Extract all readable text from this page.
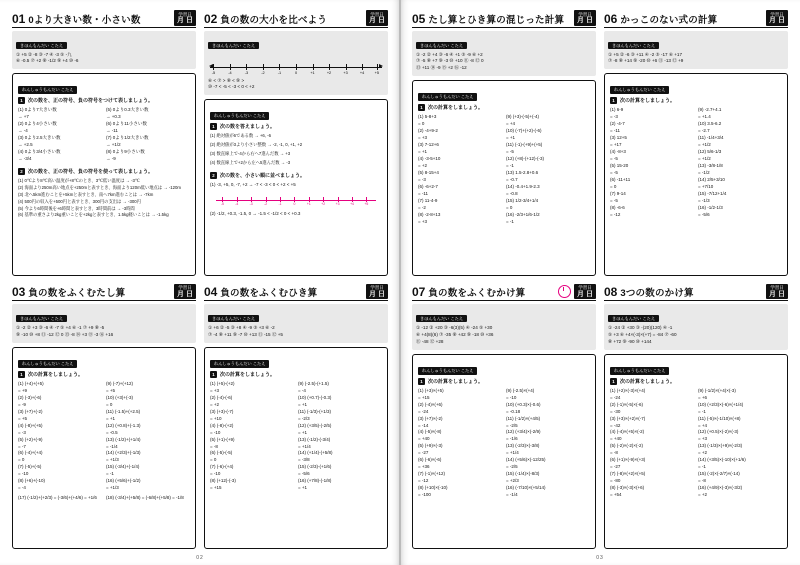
01 0より大きい数・小さい数
学習日
月 日
きほんもんだい こたえ
① +5 ② -8 ③ -7 ④ -3 ⑤ -九
⑥ -0.5 ⑦ +2 ⑧ -1/2 ⑨ +4 ⑩ -6
れんしゅうもんだい こたえ
1	次の数を、正の符号、負の符号をつけて表しましょう。
(1) 0より7大きい数
→ +7
(2) 0より4小さい数
→ -4
(3) 0より2.5大きい数
→ +2.5
(4) 0より3/4小さい数
→ -3/4
(5) 0より0.3大きい数
→ +0.3
(6) 0より11小さい数
→ -11
(7) 0より1/2大きい数
→ +1/2
(8) 0より9小さい数
→ -9
2	次の数を、正の符号、負の符号を使って表しましょう。
(1) 0℃より8℃高い温度が+8℃のとき、3℃低い温度は → -3℃
(2) 海面より250m高い地点を+250mと表すとき、海面より120m低い地点は → -120m
(3) 北へ5km進むことを+5kmと表すとき、南へ7km進むことは → -7km
(4) 500円の収入を+500円と表すとき、300円の支出は → -300円
(5) 今より6時間後を+6時間と表すとき、3時間前は → -3時間
(6) 基準の重さより2kg重いことを+2kgと表すとき、1.5kg軽いことは → -1.5kg
02 負の数の大小を比べよう
学習日
月 日
きほんもんだい こたえ
-5	-4	-3	-2	-1	0	+1	+2	+3	+4	+5
⑥ < ⑦ > ⑧ < ⑨ >
⑩ -7 < -5 < -3 < 0 < +2
れんしゅうもんだい こたえ
1	次の数を答えましょう。
(1) 絶対値が6である数 → +6, -6
(2) 絶対値が3より小さい整数 → -2, -1, 0, +1, +2
(3) 数直線上で-4から右へ7進んだ数 → +3
(4) 数直線上で+2から左へ5進んだ数 → -3
2	次の数を、小さい順に並べましょう。
(1) -3, +5, 0, -7, +2 → -7 < -3 < 0 < +2 < +5
-5	-4	-3	-2	-1	0	+1	+2	+3	+4	+5
(2) -1/2, +0.3, -1.5, 0 → -1.5 < -1/2 < 0 < +0.3
03 負の数をふくむたし算
学習日
月 日
きほんもんだい こたえ
① -2 ② +3 ③ -6 ④ -7 ⑤ +4 ⑥ -1 ⑦ +9 ⑧ -5
⑨ -10 ⑩ +8 ⑪ -12 ⑫ 0 ⑬ -8 ⑭ +3 ⑮ -3 ⑯ +16
れんしゅうもんだい こたえ
1	次の計算をしましょう。
(1) (+4)+(+5)
= +9
(2) (-3)+(-6)
= -9
(3) (+7)+(-2)
= +5
(4) (-8)+(+5)
= -3
(5) (+2)+(-9)
= -7
(6) (-4)+(+4)
= 0
(7) (-5)+(-5)
= -10
(8) (+6)+(-10)
= -4
(9) (-7)+(+12)
= +5
(10) (+3)+(-3)
= 0
(11) (-1.5)+(+2.5)
= +1
(12) (+0.8)+(-1.3)
= -0.5
(13) (-1/2)+(+1/4)
= -1/4
(14) (+2/3)+(-1/3)
= +1/3
(15) (-3/4)+(-1/4)
= -1
(16) (+5/6)+(-1/2)
= +1/3
(17) (-1/2)+(+2/3) = (-3/6)+(+4/6) = +1/6	(18) (-3/4)+(+5/8) = (-6/8)+(+5/8) = -1/8
04 負の数をふくむひき算
学習日
月 日
きほんもんだい こたえ
① +6 ② -5 ③ +8 ④ -9 ⑤ +3 ⑥ -2
⑦ -4 ⑧ +11 ⑨ -7 ⑩ +13 ⑪ -15 ⑫ +5
れんしゅうもんだい こたえ
1	次の計算をしましょう。
(1) (+5)-(+2)
= +3
(2) (-4)-(-6)
= +2
(3) (+3)-(-7)
= +10
(4) (-8)-(+2)
= -10
(5) (+1)-(+9)
= -8
(6) (-5)-(-5)
= 0
(7) (-6)-(+4)
= -10
(8) (+12)-(-3)
= +15
(9) (-2.5)-(+1.5)
= -4
(10) (+0.7)-(-0.3)
= +1
(11) (-1/3)-(+1/3)
= -2/3
(12) (+3/5)-(-2/5)
= +1
(13) (-1/2)-(-3/4)
= +1/4
(14) (+1/4)-(+5/8)
= -3/8
(15) (-2/3)-(+1/6)
= -5/6
(16) (+7/8)-(-1/8)
= +1
02
05 たし算とひき算の混じった計算
学習日
月 日
きほんもんだい こたえ
① -2 ② +4 ③ -6 ④ +1 ⑤ -9 ⑥ +2
⑦ -5 ⑧ +7 ⑨ -3 ⑩ +10 ⑪ -8 ⑫ 0
⑬ +11 ⑭ -9 ⑮ +2 ⑯ -12
れんしゅうもんだい こたえ
1	次の計算をしましょう。
(1) 5-8+3
= 0
(2) -4+9-2
= +3
(3) 7-12+6
= +1
(4) -3-5+10
= +2
(5) 8-15+4
= -3
(6) -6+2-7
= -11
(7) 11-4-9
= -2
(8) -2-8+13
= +3
(9) (+3)-(-5)+(-4)
= +4
(10) (-7)+(+2)-(-6)
= +1
(11) (-1)-(+9)+(+5)
= -5
(12) (+8)-(+12)-(-3)
= -1
(13) 1.5-2.8+0.6
= -0.7
(14) -0.4+1.9-2.3
= -0.8
(15) 1/2-3/4+1/4
= 0
(16) -2/3+1/6-1/2
= -1
06 かっこのない式の計算
学習日
月 日
きほんもんだい こたえ
① +5 ② -6 ③ +11 ④ -2 ⑤ -17 ⑥ +17
⑦ -8 ⑧ +14 ⑨ -20 ⑩ +6 ⑪ -13 ⑫ +9
れんしゅうもんだい こたえ
1	次の計算をしましょう。
(1) 6-9
= -3
(2) -4-7
= -11
(3) 12+5
= +17
(4) -8+3
= -5
(5) 15-20
= -5
(6) -11+11
= 0
(7) 9-14
= -5
(8) -6-6
= -12
(9) -2.7+4.1
= +1.4
(10) 3.5-6.2
= -2.7
(11) -1/4+3/4
= +1/2
(12) 5/6-1/3
= +1/2
(13) -3/8-1/8
= -1/2
(14) 2/5+3/10
= +7/10
(15) -7/12+1/4
= -1/3
(16) -1/2-1/3
= -5/6
07 負の数をふくむかけ算
学習日
月 日
きほんもんだい こたえ
① -12 ② +20 ③ -6(3)(5) ④ -24 ⑤ +30
⑥ +4(8)(6) ⑦ -35 ⑧ +42 ⑨ -18 ⑩ +36
⑪ -48 ⑫ +28
れんしゅうもんだい こたえ
1	次の計算をしましょう。
(1) (+3)×(+5)
= +15
(2) (-4)×(+6)
= -24
(3) (+7)×(-2)
= -14
(4) (-5)×(-8)
= +40
(5) (+9)×(-3)
= -27
(6) (-6)×(-6)
= +36
(7) (-1)×(+12)
= -12
(8) (+10)×(-10)
= -100
(9) (-2.5)×(+4)
= -10
(10) (+0.3)×(-0.6)
= -0.18
(11) (-1/2)×(+4/5)
= -2/5
(12) (+3/4)×(-2/9)
= -1/6
(13) (-2/3)×(-3/8)
= +1/4
(14) (+5/6)×(-12/25)
= -2/5
(15) (-1/4)×(-8/3)
= +2/3
(16) (-7/10)×(+5/14)
= -1/4
08 3つの数のかけ算
学習日
月 日
きほんもんだい こたえ
① -24 ② +30 ③ -(20)(120) ④ -1
⑤ +3 ⑥ +4×(-3)×(+7) = -84 ⑦ -60
⑧ +72 ⑨ -90 ⑩ +144
れんしゅうもんだい こたえ
1	次の計算をしましょう。
(1) (+2)×(-3)×(+4)
= -24
(2) (-1)×(-5)×(-6)
= -30
(3) (+3)×(+2)×(-7)
= -42
(4) (-4)×(+5)×(-2)
= +40
(5) (-2)×(-2)×(-2)
= -8
(6) (+1)×(-9)×(+3)
= -27
(7) (-8)×(+2)×(+5)
= -80
(8) (-3)×(-3)×(+6)
= +54
(9) (-1/2)×(+4)×(-3)
= +6
(10) (+2/3)×(-6)×(+1/4)
= -1
(11) (-5)×(-1/10)×(+8)
= +4
(12) (+0.5)×(-2)×(-3)
= +3
(13) (-1/3)×(+9)×(-2/3)
= +2
(14) (+3/5)×(-10)×(+1/6)
= -1
(15) (-2)×(-2/7)×(-14)
= -8
(16) (+4/9)×(-3)×(-3/2)
= +2
03
